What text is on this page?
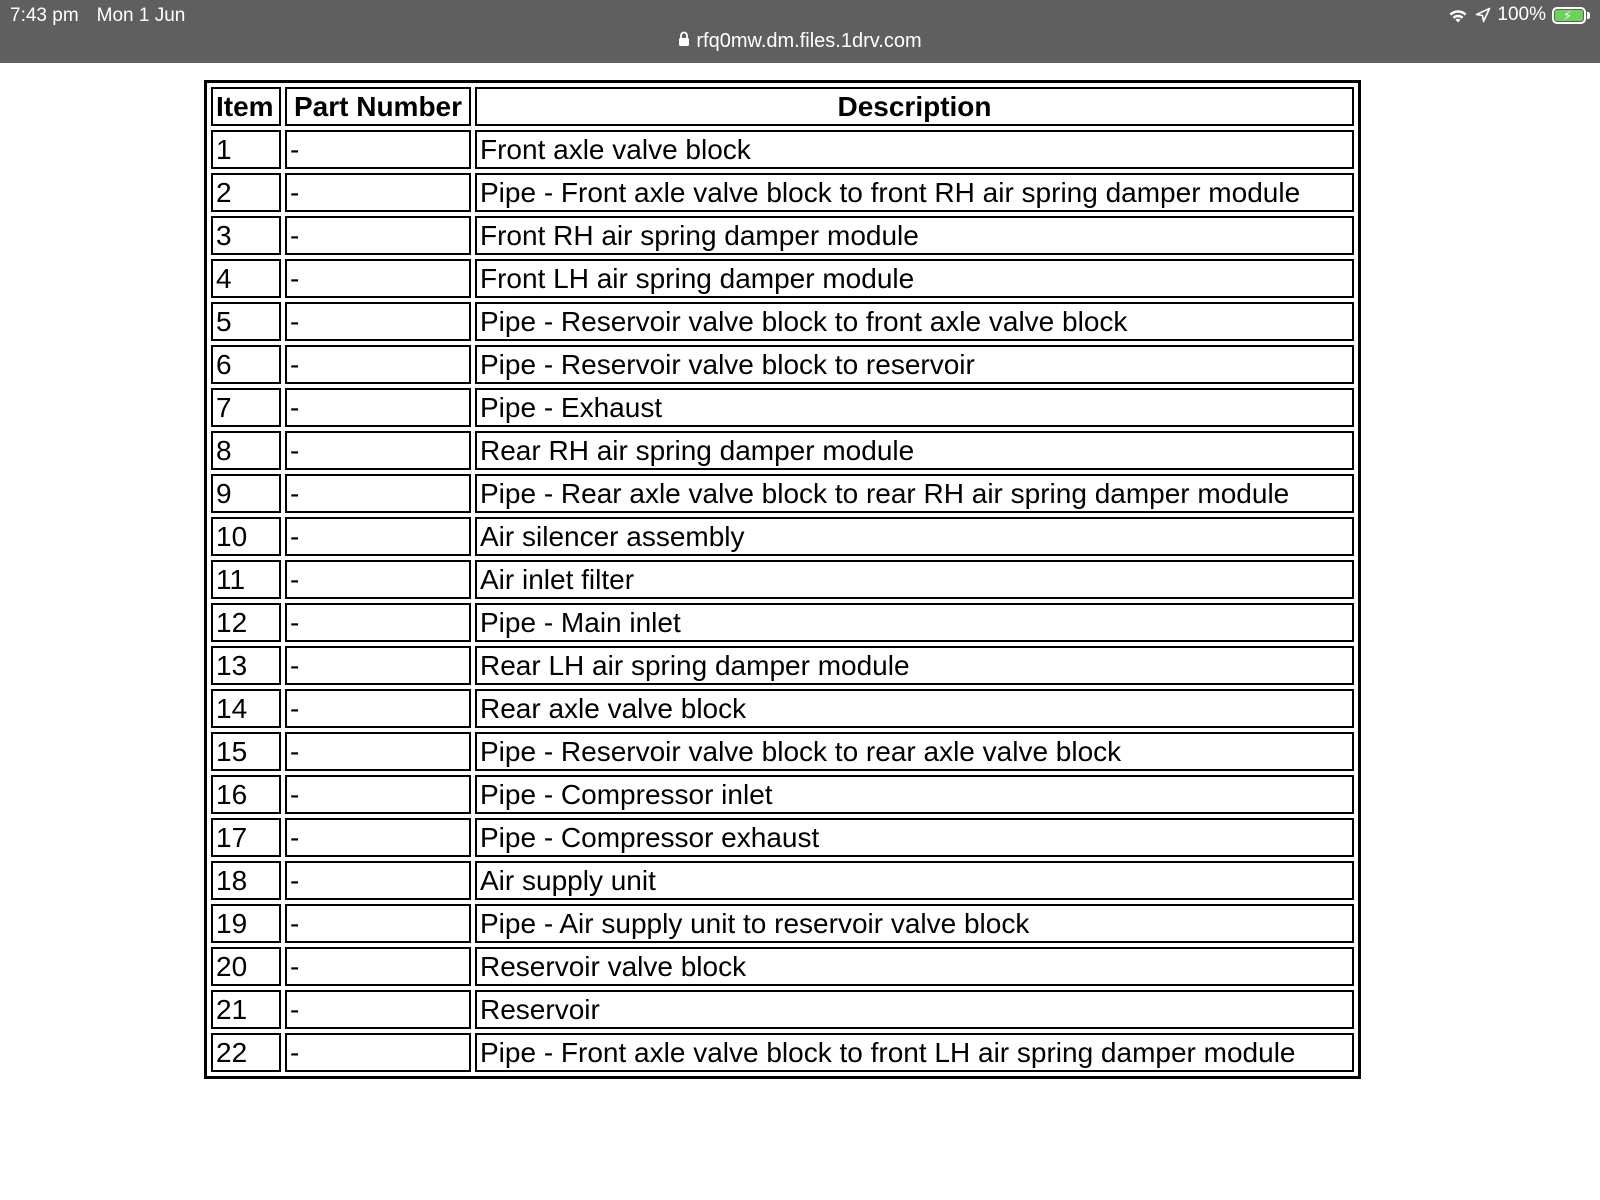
7:43 pm Mon 1 Jun	100% ⚡
rfq0mw.dm.files.1drv.com
Item	Part Number	Description
1	-	Front axle valve block
2	-	Pipe - Front axle valve block to front RH air spring damper module
3	-	Front RH air spring damper module
4	-	Front LH air spring damper module
5	-	Pipe - Reservoir valve block to front axle valve block
6	-	Pipe - Reservoir valve block to reservoir
7	-	Pipe - Exhaust
8	-	Rear RH air spring damper module
9	-	Pipe - Rear axle valve block to rear RH air spring damper module
10	-	Air silencer assembly
11	-	Air inlet filter
12	-	Pipe - Main inlet
13	-	Rear LH air spring damper module
14	-	Rear axle valve block
15	-	Pipe - Reservoir valve block to rear axle valve block
16	-	Pipe - Compressor inlet
17	-	Pipe - Compressor exhaust
18	-	Air supply unit
19	-	Pipe - Air supply unit to reservoir valve block
20	-	Reservoir valve block
21	-	Reservoir
22	-	Pipe - Front axle valve block to front LH air spring damper module
